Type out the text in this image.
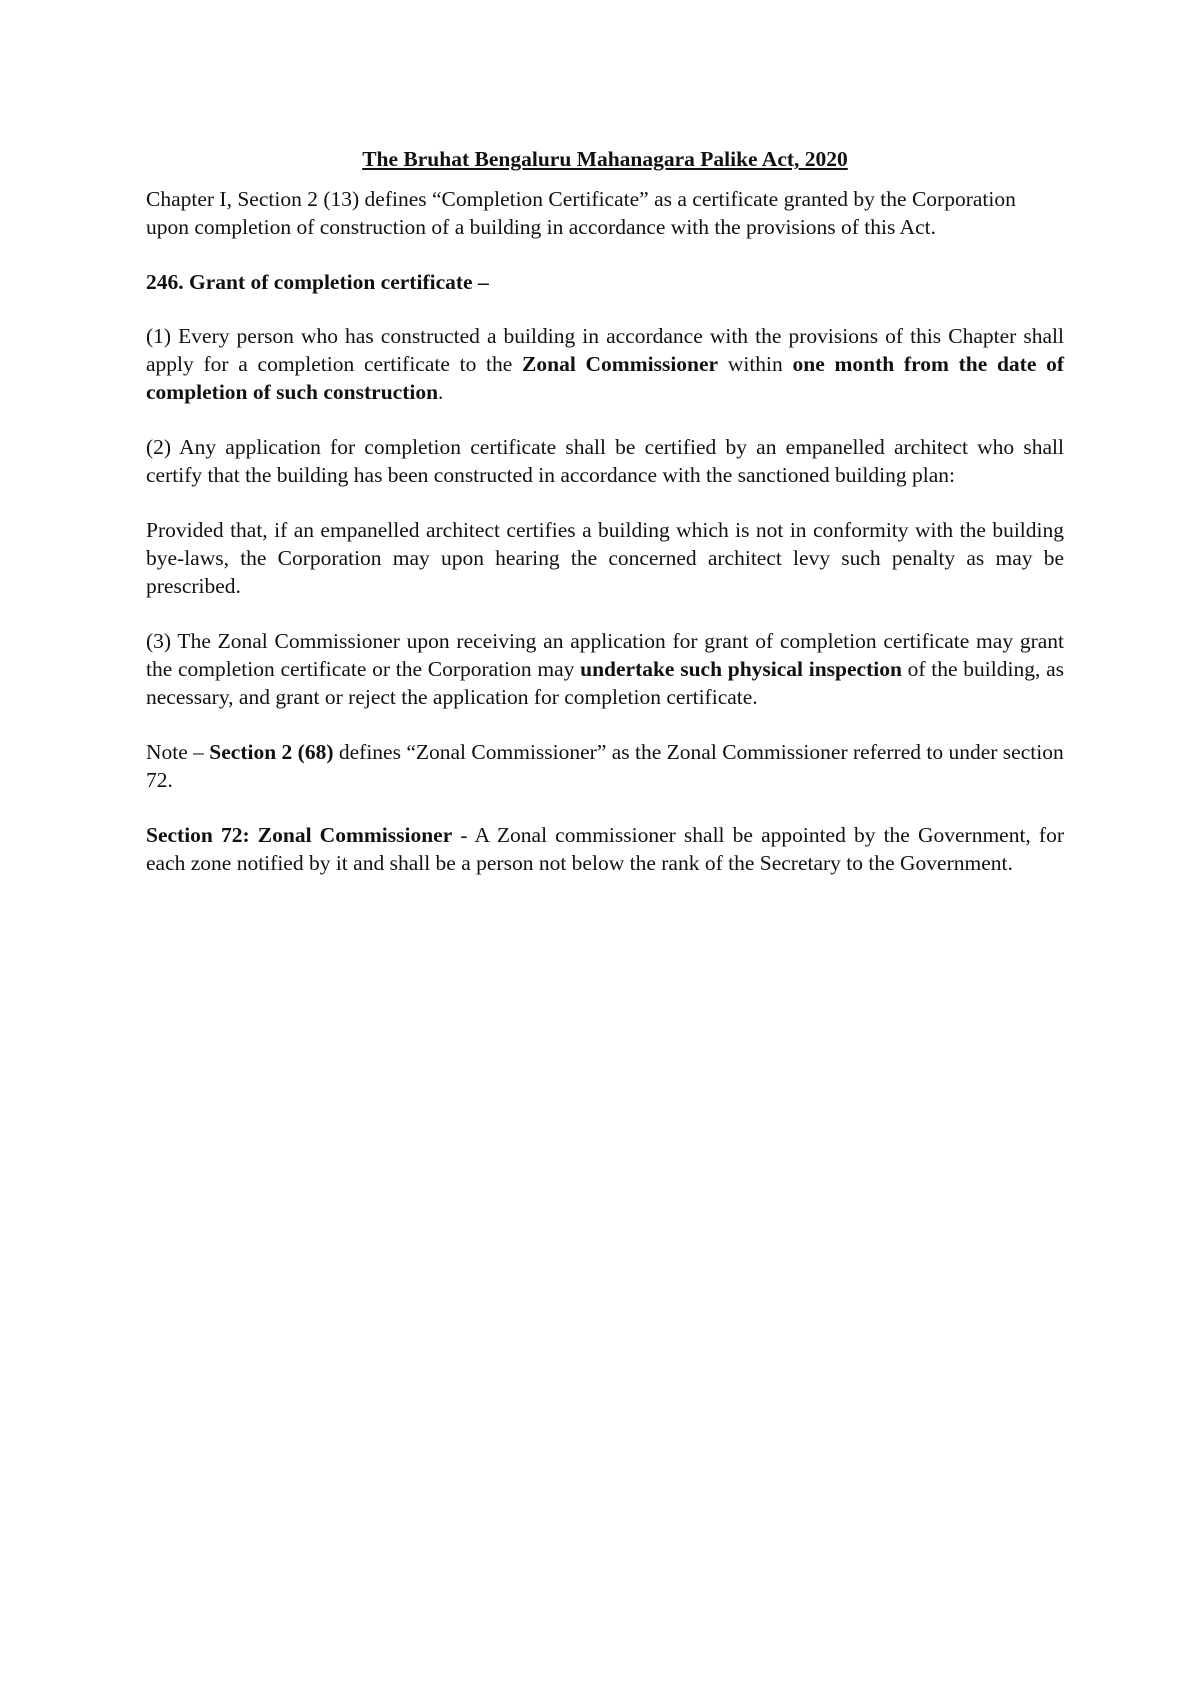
The Bruhat Bengaluru Mahanagara Palike Act, 2020

Chapter I, Section 2 (13) defines “Completion Certificate” as a certificate granted by the Corporation upon completion of construction of a building in accordance with the provisions of this Act.

246. Grant of completion certificate –

(1) Every person who has constructed a building in accordance with the provisions of this Chapter shall apply for a completion certificate to the Zonal Commissioner within one month from the date of completion of such construction.

(2) Any application for completion certificate shall be certified by an empanelled architect who shall certify that the building has been constructed in accordance with the sanctioned building plan:

Provided that, if an empanelled architect certifies a building which is not in conformity with the building bye-laws, the Corporation may upon hearing the concerned architect levy such penalty as may be prescribed.

(3) The Zonal Commissioner upon receiving an application for grant of completion certificate may grant the completion certificate or the Corporation may undertake such physical inspection of the building, as necessary, and grant or reject the application for completion certificate.

Note – Section 2 (68) defines “Zonal Commissioner” as the Zonal Commissioner referred to under section 72.

Section 72: Zonal Commissioner - A Zonal commissioner shall be appointed by the Government, for each zone notified by it and shall be a person not below the rank of the Secretary to the Government.
